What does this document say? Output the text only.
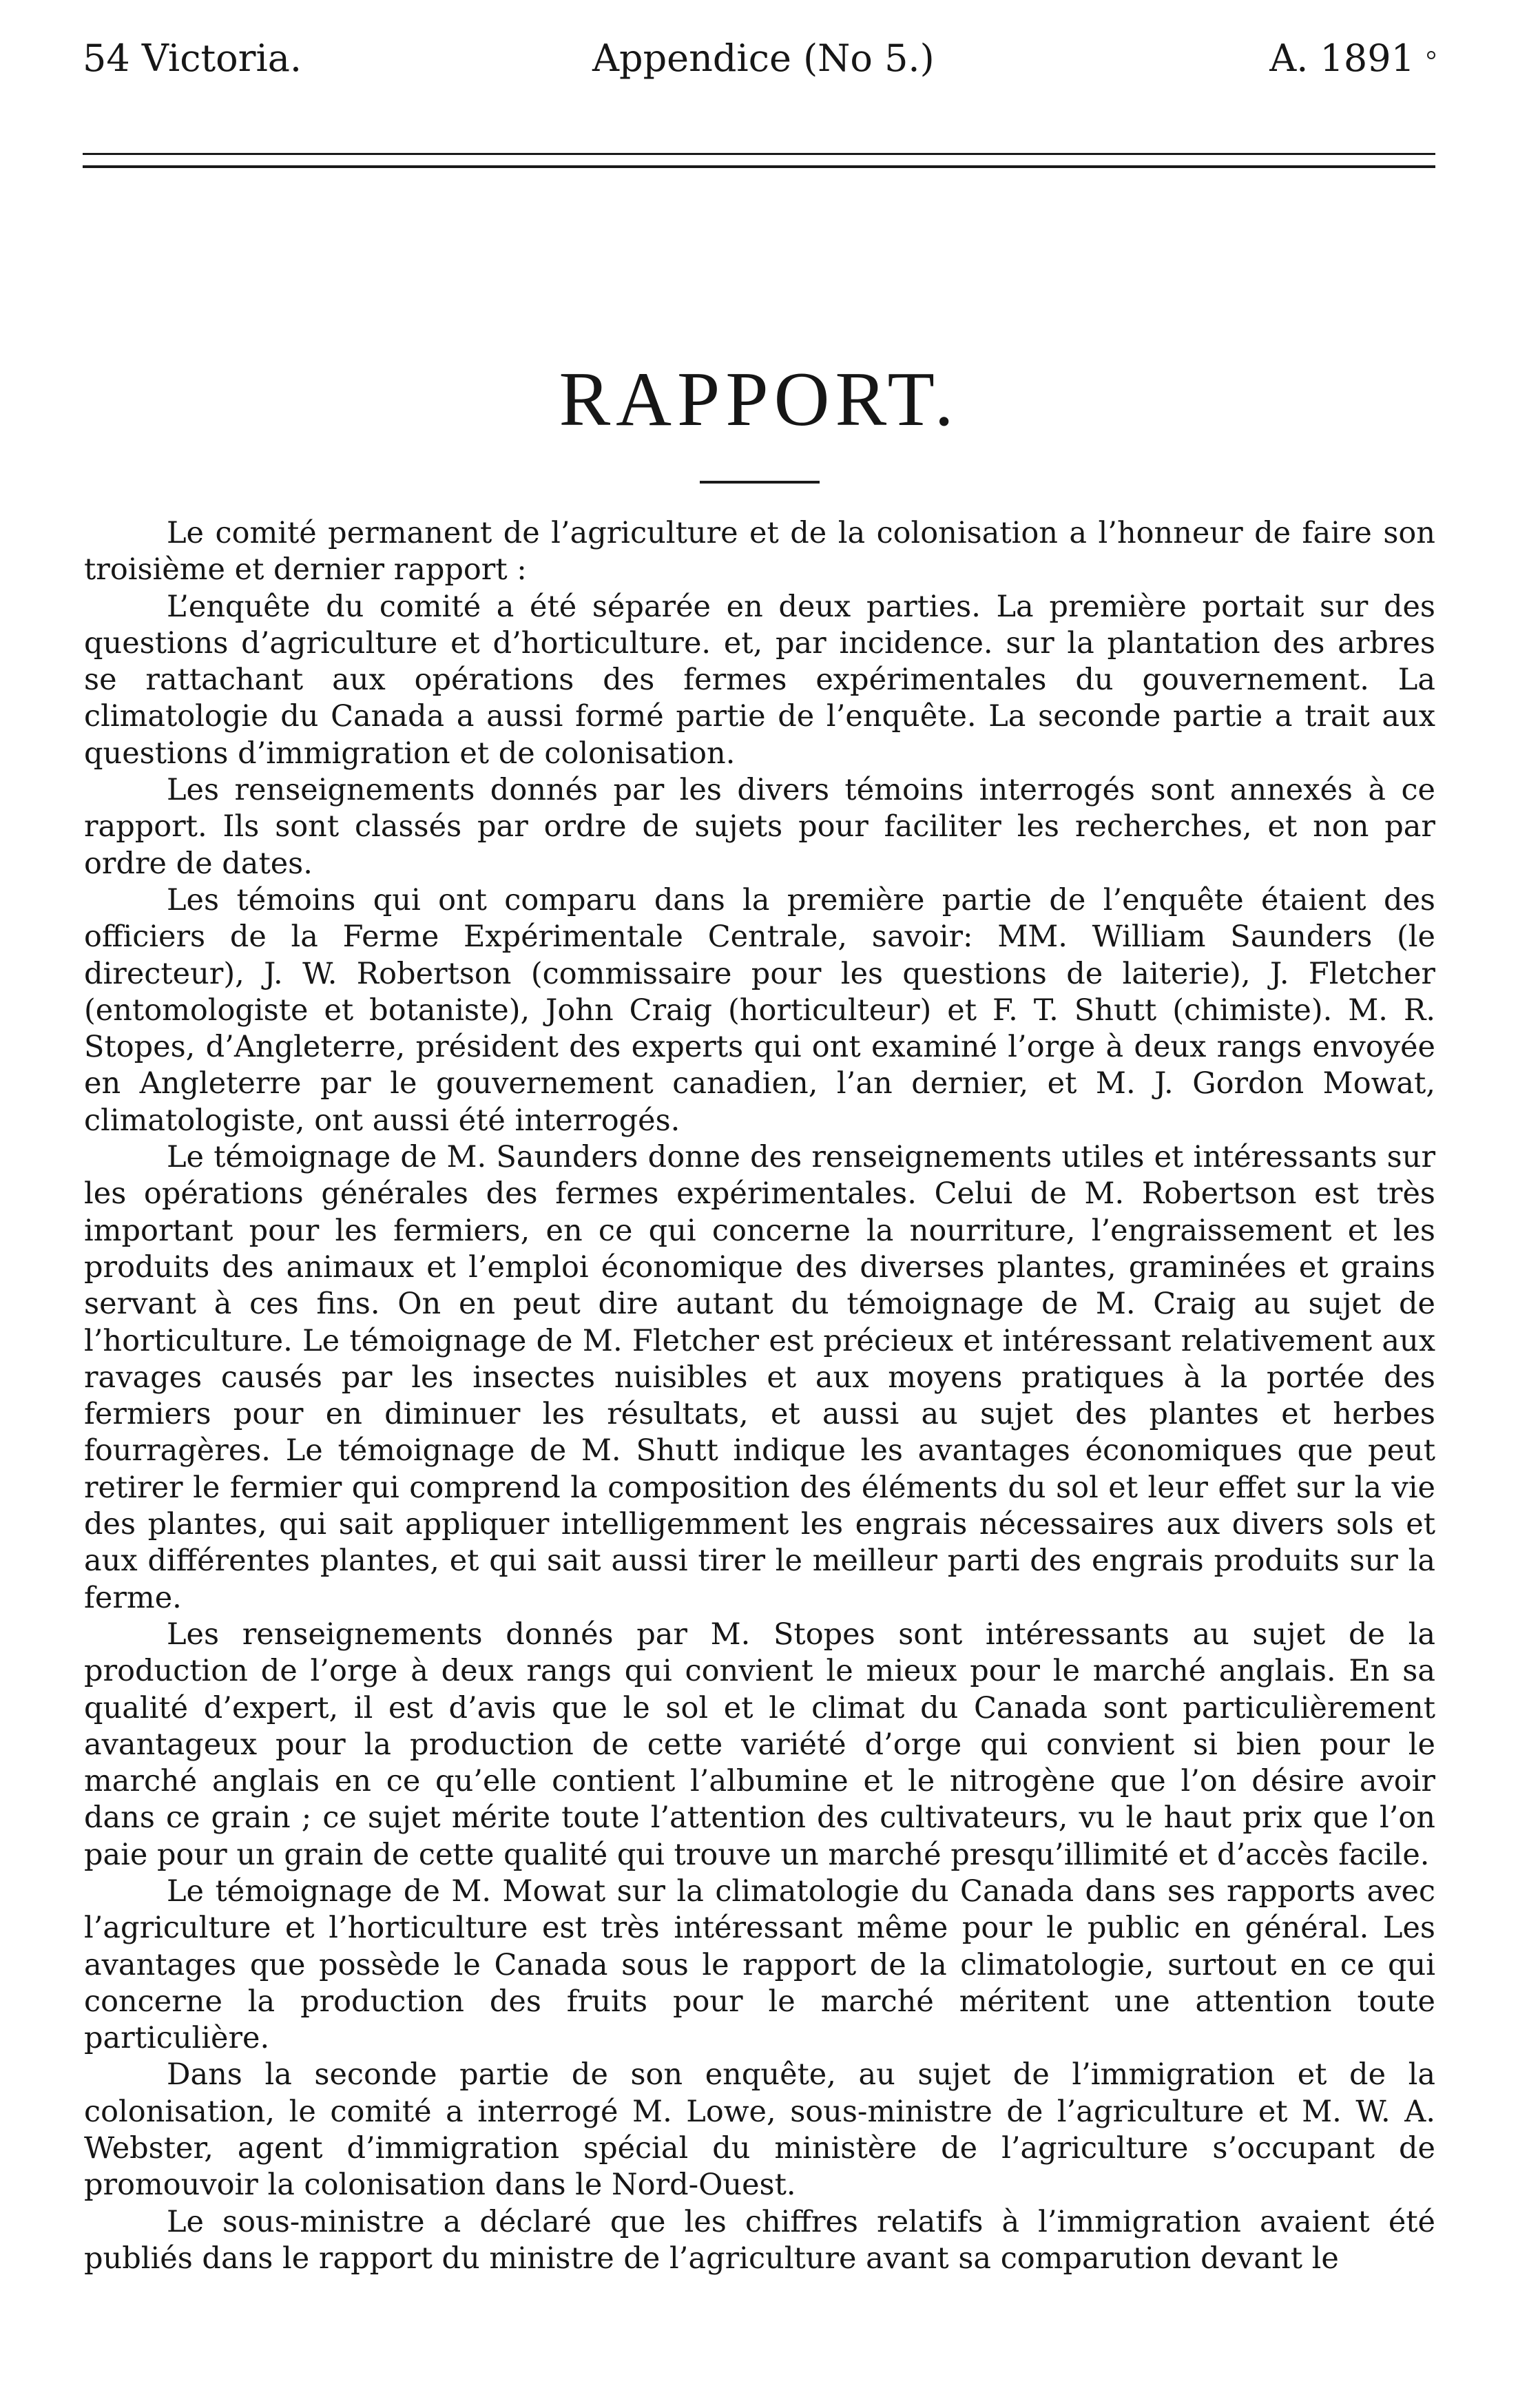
54 Victoria.	Appendice (No 5.)	A. 1891
RAPPORT.

Le comité permanent de l’agriculture et de la colonisation a l’honneur de faire son troisième et dernier rapport :

L’enquête du comité a été séparée en deux parties. La première portait sur des questions d’agriculture et d’horticulture. et, par incidence. sur la plantation des arbres se rattachant aux opérations des fermes expérimentales du gouvernement. La climatologie du Canada a aussi formé partie de l’enquête. La seconde partie a trait aux questions d’immigration et de colonisation.

Les renseignements donnés par les divers témoins interrogés sont annexés à ce rapport. Ils sont classés par ordre de sujets pour faciliter les recherches, et non par ordre de dates.

Les témoins qui ont comparu dans la première partie de l’enquête étaient des officiers de la Ferme Expérimentale Centrale, savoir: MM. William Saunders (le directeur), J. W. Robertson (commissaire pour les questions de laiterie), J. Fletcher (entomologiste et botaniste), John Craig (horticulteur) et F. T. Shutt (chimiste). M. R. Stopes, d’Angleterre, président des experts qui ont examiné l’orge à deux rangs envoyée en Angleterre par le gouvernement canadien, l’an dernier, et M. J. Gordon Mowat, climatologiste, ont aussi été interrogés.

Le témoignage de M. Saunders donne des renseignements utiles et intéressants sur les opérations générales des fermes expérimentales. Celui de M. Robertson est très important pour les fermiers, en ce qui concerne la nourriture, l’engraissement et les produits des animaux et l’emploi économique des diverses plantes, graminées et grains servant à ces fins. On en peut dire autant du témoignage de M. Craig au sujet de l’horticulture. Le témoignage de M. Fletcher est précieux et intéressant relativement aux ravages causés par les insectes nuisibles et aux moyens pratiques à la portée des fermiers pour en diminuer les résultats, et aussi au sujet des plantes et herbes fourragères. Le témoignage de M. Shutt indique les avantages économiques que peut retirer le fermier qui comprend la composition des éléments du sol et leur effet sur la vie des plantes, qui sait appliquer intelligemment les engrais nécessaires aux divers sols et aux différentes plantes, et qui sait aussi tirer le meilleur parti des engrais produits sur la ferme.

Les renseignements donnés par M. Stopes sont intéressants au sujet de la production de l’orge à deux rangs qui convient le mieux pour le marché anglais. En sa qualité d’expert, il est d’avis que le sol et le climat du Canada sont particulièrement avantageux pour la production de cette variété d’orge qui convient si bien pour le marché anglais en ce qu’elle contient l’albumine et le nitrogène que l’on désire avoir dans ce grain ; ce sujet mérite toute l’attention des cultivateurs, vu le haut prix que l’on paie pour un grain de cette qualité qui trouve un marché presqu’illimité et d’accès facile.

Le témoignage de M. Mowat sur la climatologie du Canada dans ses rapports avec l’agriculture et l’horticulture est très intéressant même pour le public en général. Les avantages que possède le Canada sous le rapport de la climatologie, surtout en ce qui concerne la production des fruits pour le marché méritent une attention toute particulière.

Dans la seconde partie de son enquête, au sujet de l’immigration et de la colonisation, le comité a interrogé M. Lowe, sous-ministre de l’agriculture et M. W. A. Webster, agent d’immigration spécial du ministère de l’agriculture s’occupant de promouvoir la colonisation dans le Nord-Ouest.

Le sous-ministre a déclaré que les chiffres relatifs à l’immigration avaient été publiés dans le rapport du ministre de l’agriculture avant sa comparution devant le
